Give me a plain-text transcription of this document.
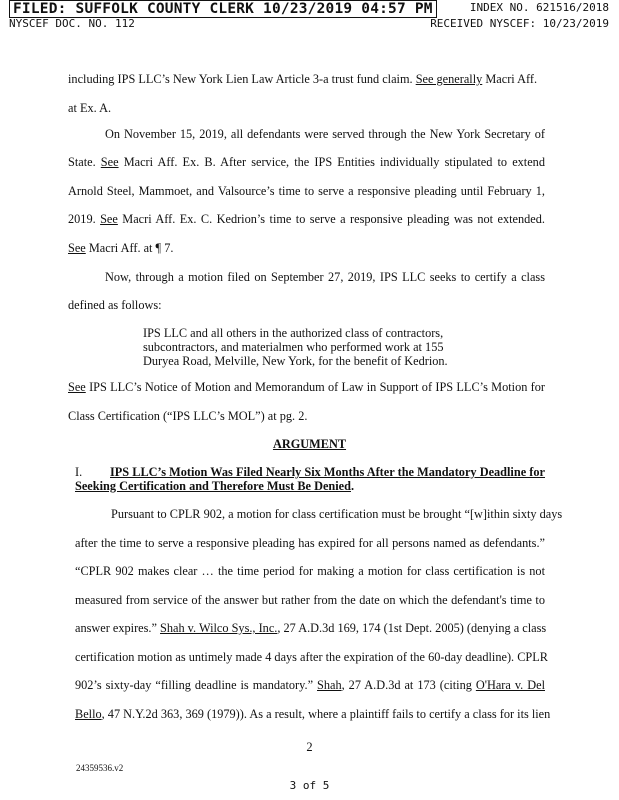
FILED: SUFFOLK COUNTY CLERK 10/23/2019 04:57 PM	INDEX NO. 621516/2018
NYSCEF DOC. NO. 112	RECEIVED NYSCEF: 10/23/2019
including IPS LLC’s New York Lien Law Article 3-a trust fund claim. See generally Macri Aff.
at Ex. A.
On November 15, 2019, all defendants were served through the New York Secretary of
State. See Macri Aff. Ex. B. After service, the IPS Entities individually stipulated to extend
Arnold Steel, Mammoet, and Valsource’s time to serve a responsive pleading until February 1,
2019. See Macri Aff. Ex. C. Kedrion’s time to serve a responsive pleading was not extended.
See Macri Aff. at ¶ 7.
Now, through a motion filed on September 27, 2019, IPS LLC seeks to certify a class
defined as follows:
IPS LLC and all others in the authorized class of contractors,
subcontractors, and materialmen who performed work at 155
Duryea Road, Melville, New York, for the benefit of Kedrion.
See IPS LLC’s Notice of Motion and Memorandum of Law in Support of IPS LLC’s Motion for
Class Certification (“IPS LLC’s MOL”) at pg. 2.
ARGUMENT
I. IPS LLC’s Motion Was Filed Nearly Six Months After the Mandatory Deadline for
Seeking Certification and Therefore Must Be Denied.
Pursuant to CPLR 902, a motion for class certification must be brought “[w]ithin sixty days
after the time to serve a responsive pleading has expired for all persons named as defendants.”
“CPLR 902 makes clear … the time period for making a motion for class certification is not
measured from service of the answer but rather from the date on which the defendant's time to
answer expires.” Shah v. Wilco Sys., Inc., 27 A.D.3d 169, 174 (1st Dept. 2005) (denying a class
certification motion as untimely made 4 days after the expiration of the 60-day deadline). CPLR
902’s sixty-day “filling deadline is mandatory.” Shah, 27 A.D.3d at 173 (citing O'Hara v. Del
Bello, 47 N.Y.2d 363, 369 (1979)). As a result, where a plaintiff fails to certify a class for its lien
2
24359536.v2
3 of 5
